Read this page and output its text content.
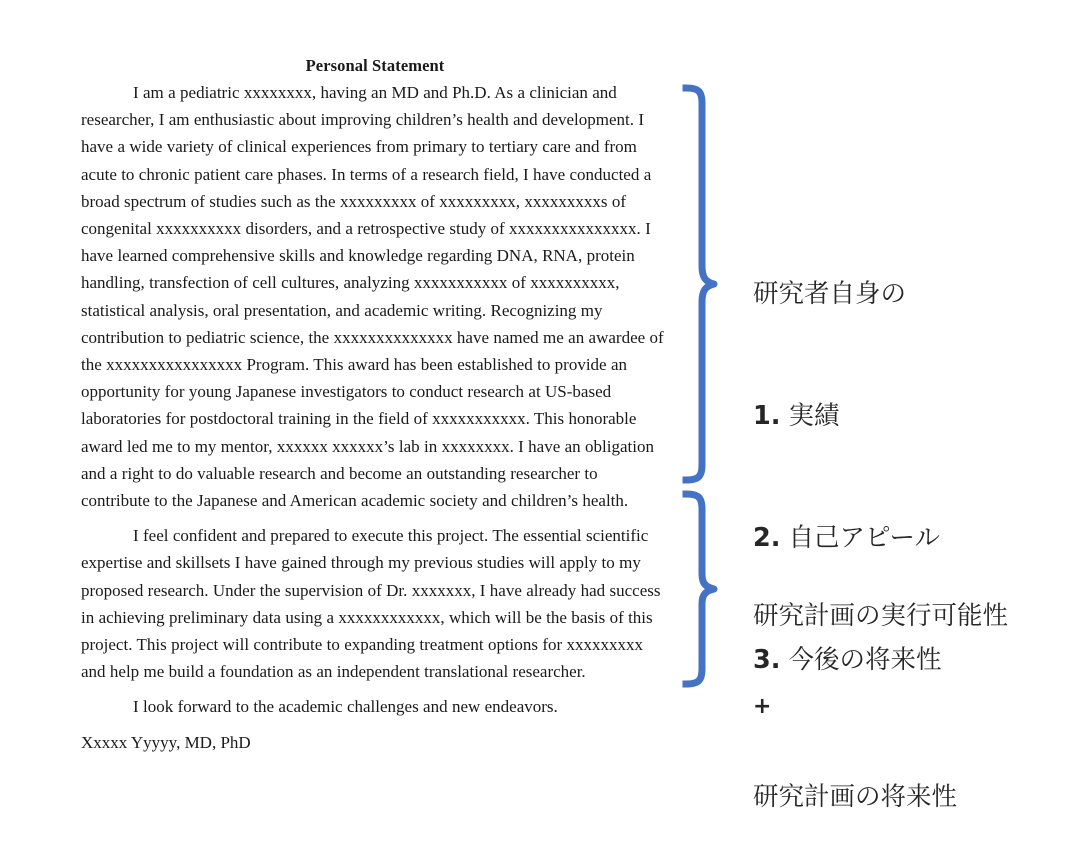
Personal Statement

I am a pediatric xxxxxxxx, having an MD and Ph.D. As a clinician and researcher, I am enthusiastic about improving children’s health and development. I have a wide variety of clinical experiences from primary to tertiary care and from acute to chronic patient care phases. In terms of a research field, I have conducted a broad spectrum of studies such as the xxxxxxxxx of xxxxxxxxx, xxxxxxxxxs of congenital xxxxxxxxxx disorders, and a retrospective study of xxxxxxxxxxxxxxx. I have learned comprehensive skills and knowledge regarding DNA, RNA, protein handling, transfection of cell cultures, analyzing xxxxxxxxxxx of xxxxxxxxxx, statistical analysis, oral presentation, and academic writing. Recognizing my contribution to pediatric science, the xxxxxxxxxxxxxx have named me an awardee of the xxxxxxxxxxxxxxxx Program. This award has been established to provide an opportunity for young Japanese investigators to conduct research at US-based laboratories for postdoctoral training in the field of xxxxxxxxxxx. This honorable award led me to my mentor, xxxxxx xxxxxx’s lab in xxxxxxxx. I have an obligation and a right to do valuable research and become an outstanding researcher to contribute to the Japanese and American academic society and children’s health.

I feel confident and prepared to execute this project. The essential scientific expertise and skillsets I have gained through my previous studies will apply to my proposed research. Under the supervision of Dr. xxxxxxx, I have already had success in achieving preliminary data using a xxxxxxxxxxxx, which will be the basis of this project. This project will contribute to expanding treatment options for xxxxxxxxx and help me build a foundation as an independent translational researcher.

I look forward to the academic challenges and new endeavors.

Xxxxx Yyyyy, MD, PhD

研究者自身の

1. 実績

2. 自己アピール

3. 今後の将来性

研究計画の実行可能性

+

研究計画の将来性
